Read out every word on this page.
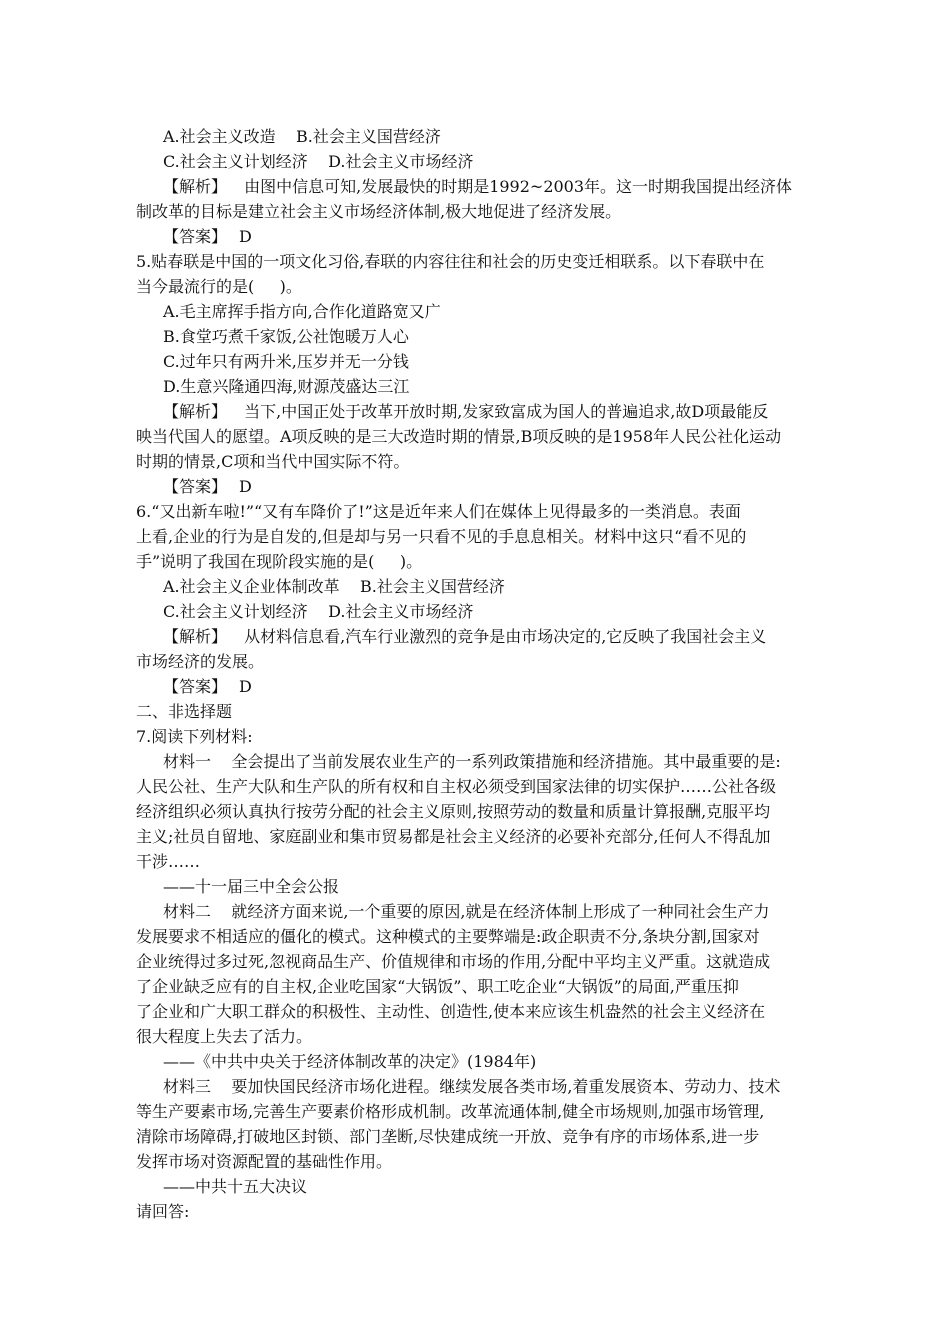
A.社会主义改造    B.社会主义国营经济
C.社会主义计划经济    D.社会主义市场经济
【解析】 由图中信息可知,发展最快的时期是1992~2003年。这一时期我国提出经济体
制改革的目标是建立社会主义市场经济体制,极大地促进了经济发展。
【答案】 D
5.贴春联是中国的一项文化习俗,春联的内容往往和社会的历史变迁相联系。以下春联中在
当今最流行的是(     )。
A.毛主席挥手指方向,合作化道路宽又广
B.食堂巧煮千家饭,公社饱暖万人心
C.过年只有两升米,压岁并无一分钱
D.生意兴隆通四海,财源茂盛达三江
【解析】 当下,中国正处于改革开放时期,发家致富成为国人的普遍追求,故D项最能反
映当代国人的愿望。A项反映的是三大改造时期的情景,B项反映的是1958年人民公社化运动
时期的情景,C项和当代中国实际不符。
【答案】 D
6.“又出新车啦!”“又有车降价了!”这是近年来人们在媒体上见得最多的一类消息。表面
上看,企业的行为是自发的,但是却与另一只看不见的手息息相关。材料中这只“看不见的
手”说明了我国在现阶段实施的是(     )。
A.社会主义企业体制改革    B.社会主义国营经济
C.社会主义计划经济    D.社会主义市场经济
【解析】 从材料信息看,汽车行业激烈的竞争是由市场决定的,它反映了我国社会主义
市场经济的发展。
【答案】 D
二、非选择题
7.阅读下列材料:
材料一    全会提出了当前发展农业生产的一系列政策措施和经济措施。其中最重要的是:
人民公社、生产大队和生产队的所有权和自主权必须受到国家法律的切实保护……公社各级
经济组织必须认真执行按劳分配的社会主义原则,按照劳动的数量和质量计算报酬,克服平均
主义;社员自留地、家庭副业和集市贸易都是社会主义经济的必要补充部分,任何人不得乱加
干涉……
——十一届三中全会公报
材料二    就经济方面来说,一个重要的原因,就是在经济体制上形成了一种同社会生产力
发展要求不相适应的僵化的模式。这种模式的主要弊端是:政企职责不分,条块分割,国家对
企业统得过多过死,忽视商品生产、价值规律和市场的作用,分配中平均主义严重。这就造成
了企业缺乏应有的自主权,企业吃国家“大锅饭”、职工吃企业“大锅饭”的局面,严重压抑
了企业和广大职工群众的积极性、主动性、创造性,使本来应该生机盎然的社会主义经济在
很大程度上失去了活力。
——《中共中央关于经济体制改革的决定》(1984年)
材料三    要加快国民经济市场化进程。继续发展各类市场,着重发展资本、劳动力、技术
等生产要素市场,完善生产要素价格形成机制。改革流通体制,健全市场规则,加强市场管理,
清除市场障碍,打破地区封锁、部门垄断,尽快建成统一开放、竞争有序的市场体系,进一步
发挥市场对资源配置的基础性作用。
——中共十五大决议
请回答:
